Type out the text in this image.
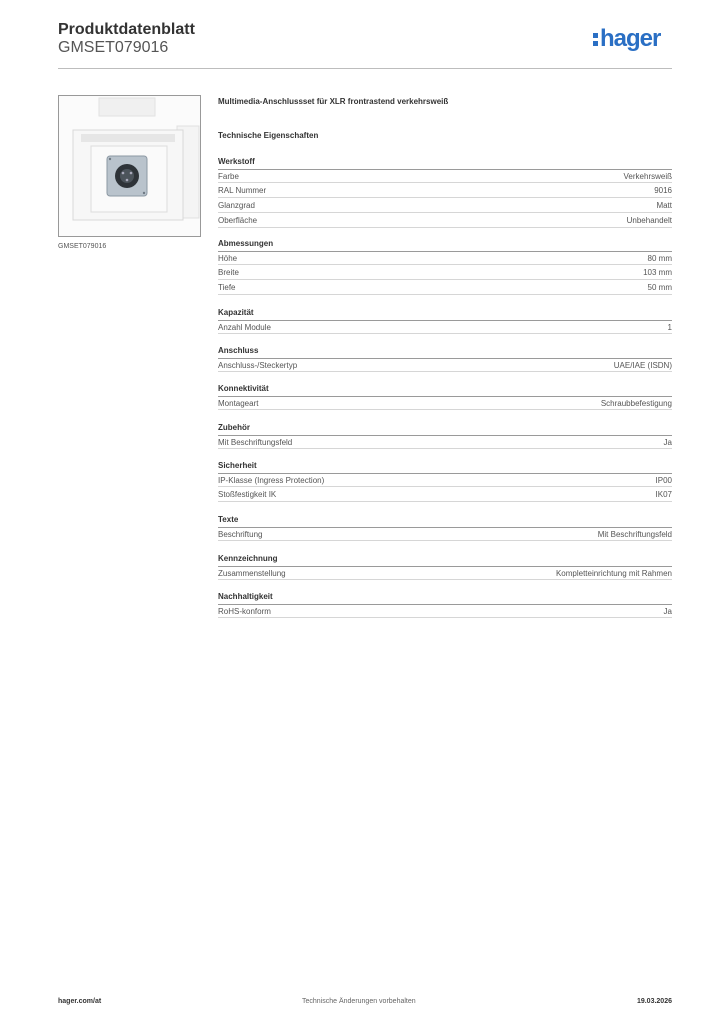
Produktdatenblatt
GMSET079016	hager
GMSET079016
Multimedia-Anschlussset für XLR frontrastend verkehrsweiß
Technische Eigenschaften
Werkstoff
Farbe	Verkehrsweiß
RAL Nummer	9016
Glanzgrad	Matt
Oberfläche	Unbehandelt
Abmessungen
Höhe	80 mm
Breite	103 mm
Tiefe	50 mm
Kapazität
Anzahl Module	1
Anschluss
Anschluss-/Steckertyp	UAE/IAE (ISDN)
Konnektivität
Montageart	Schraubbefestigung
Zubehör
Mit Beschriftungsfeld	Ja
Sicherheit
IP-Klasse (Ingress Protection)	IP00
Stoßfestigkeit IK	IK07
Texte
Beschriftung	Mit Beschriftungsfeld
Kennzeichnung
Zusammenstellung	Kompletteinrichtung mit Rahmen
Nachhaltigkeit
RoHS-konform	Ja
hager.com/at	Technische Änderungen vorbehalten	19.03.2026
